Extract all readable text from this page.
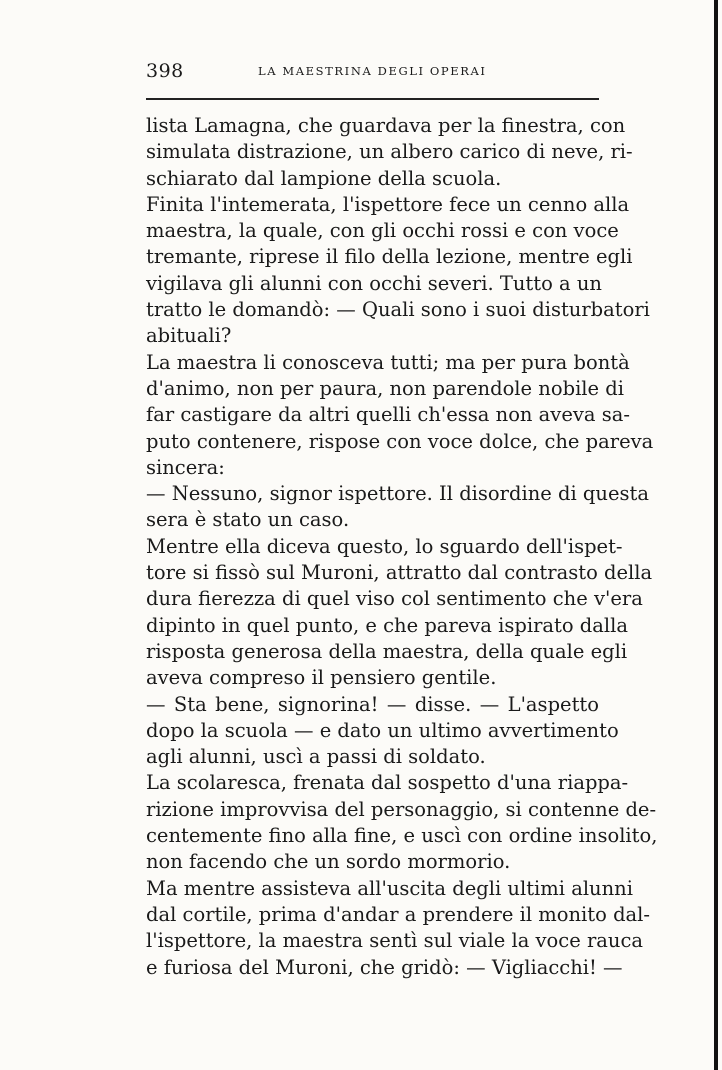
398	LA MAESTRINA DEGLI OPERAI
lista Lamagna, che guardava per la finestra, con
simulata distrazione, un albero carico di neve, ri-
schiarato dal lampione della scuola.
Finita l'intemerata, l'ispettore fece un cenno alla
maestra, la quale, con gli occhi rossi e con voce
tremante, riprese il filo della lezione, mentre egli
vigilava gli alunni con occhi severi. Tutto a un
tratto le domandò: — Quali sono i suoi disturbatori
abituali?
La maestra li conosceva tutti; ma per pura bontà
d'animo, non per paura, non parendole nobile di
far castigare da altri quelli ch'essa non aveva sa-
puto contenere, rispose con voce dolce, che pareva
sincera:
— Nessuno, signor ispettore. Il disordine di questa
sera è stato un caso.
Mentre ella diceva questo, lo sguardo dell'ispet-
tore si fissò sul Muroni, attratto dal contrasto della
dura fierezza di quel viso col sentimento che v'era
dipinto in quel punto, e che pareva ispirato dalla
risposta generosa della maestra, della quale egli
aveva compreso il pensiero gentile.
— Sta bene, signorina! — disse. — L'aspetto
dopo la scuola — e dato un ultimo avvertimento
agli alunni, uscì a passi di soldato.
La scolaresca, frenata dal sospetto d'una riappa-
rizione improvvisa del personaggio, si contenne de-
centemente fino alla fine, e uscì con ordine insolito,
non facendo che un sordo mormorio.
Ma mentre assisteva all'uscita degli ultimi alunni
dal cortile, prima d'andar a prendere il monito dal-
l'ispettore, la maestra sentì sul viale la voce rauca
e furiosa del Muroni, che gridò: — Vigliacchi! —
